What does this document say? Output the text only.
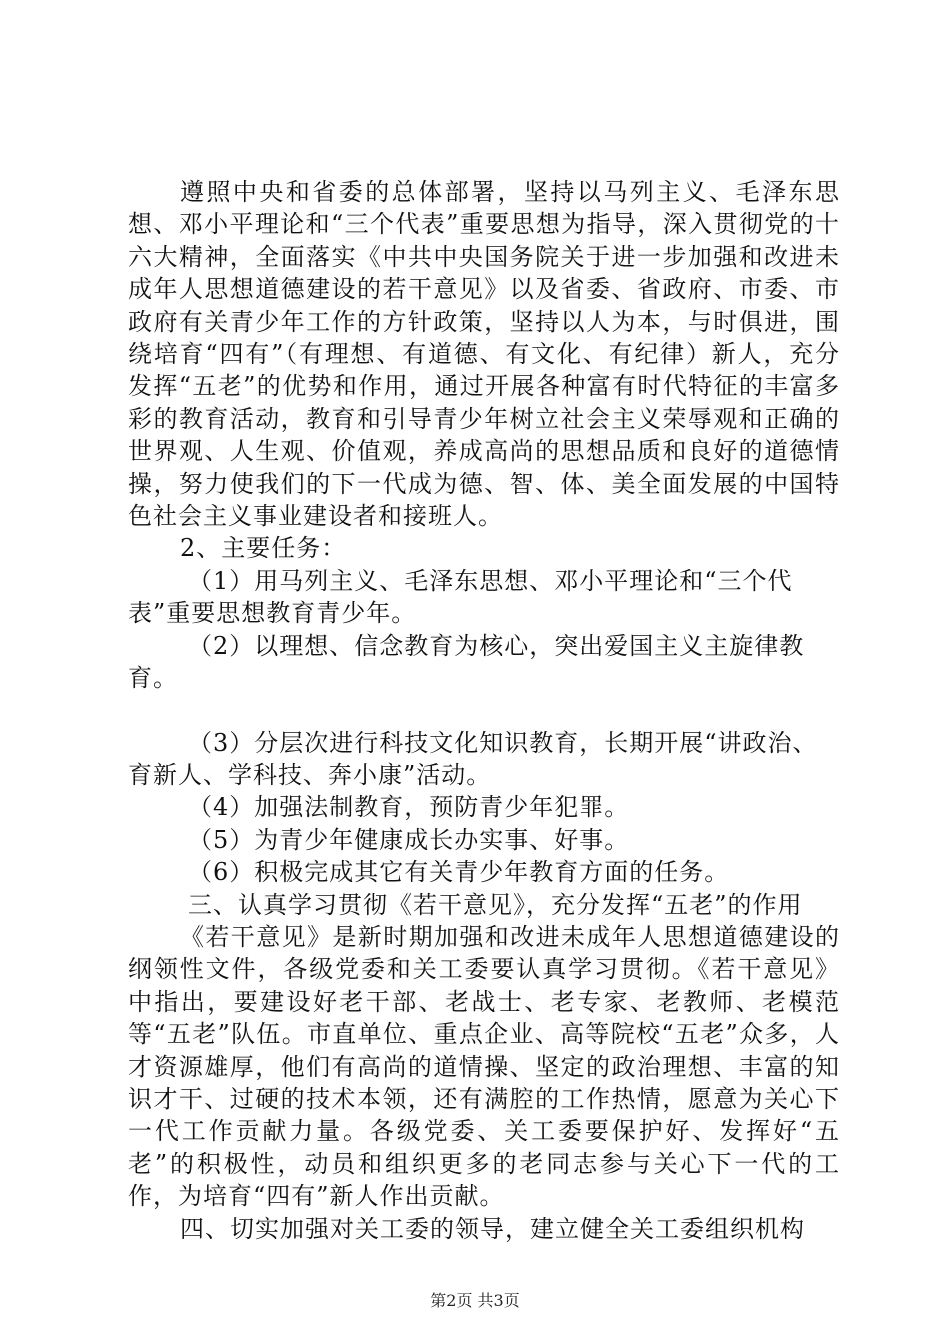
遵照中央和省委的总体部署，坚持以马列主义、毛泽东思想、邓小平理论和“三个代表”重要思想为指导，深入贯彻党的十六大精神，全面落实《中共中央国务院关于进一步加强和改进未成年人思想道德建设的若干意见》以及省委、省政府、市委、市政府有关青少年工作的方针政策，坚持以人为本，与时俱进，围绕培育“四有”（有理想、有道德、有文化、有纪律）新人，充分发挥“五老”的优势和作用，通过开展各种富有时代特征的丰富多彩的教育活动，教育和引导青少年树立社会主义荣辱观和正确的世界观、人生观、价值观，养成高尚的思想品质和良好的道德情操，努力使我们的下一代成为德、智、体、美全面发展的中国特色社会主义事业建设者和接班人。

2、主要任务：

（1）用马列主义、毛泽东思想、邓小平理论和“三个代表”重要思想教育青少年。

（2）以理想、信念教育为核心，突出爱国主义主旋律教育。

（3）分层次进行科技文化知识教育，长期开展“讲政治、育新人、学科技、奔小康”活动。

（4）加强法制教育，预防青少年犯罪。

（5）为青少年健康成长办实事、好事。

（6）积极完成其它有关青少年教育方面的任务。

三、认真学习贯彻《若干意见》，充分发挥“五老”的作用

《若干意见》是新时期加强和改进未成年人思想道德建设的纲领性文件，各级党委和关工委要认真学习贯彻。《若干意见》中指出，要建设好老干部、老战士、老专家、老教师、老模范等“五老”队伍。市直单位、重点企业、高等院校“五老”众多，人才资源雄厚，他们有高尚的道情操、坚定的政治理想、丰富的知识才干、过硬的技术本领，还有满腔的工作热情，愿意为关心下一代工作贡献力量。各级党委、关工委要保护好、发挥好“五老”的积极性，动员和组织更多的老同志参与关心下一代的工作，为培育“四有”新人作出贡献。

四、切实加强对关工委的领导，建立健全关工委组织机构

第2页 共3页
